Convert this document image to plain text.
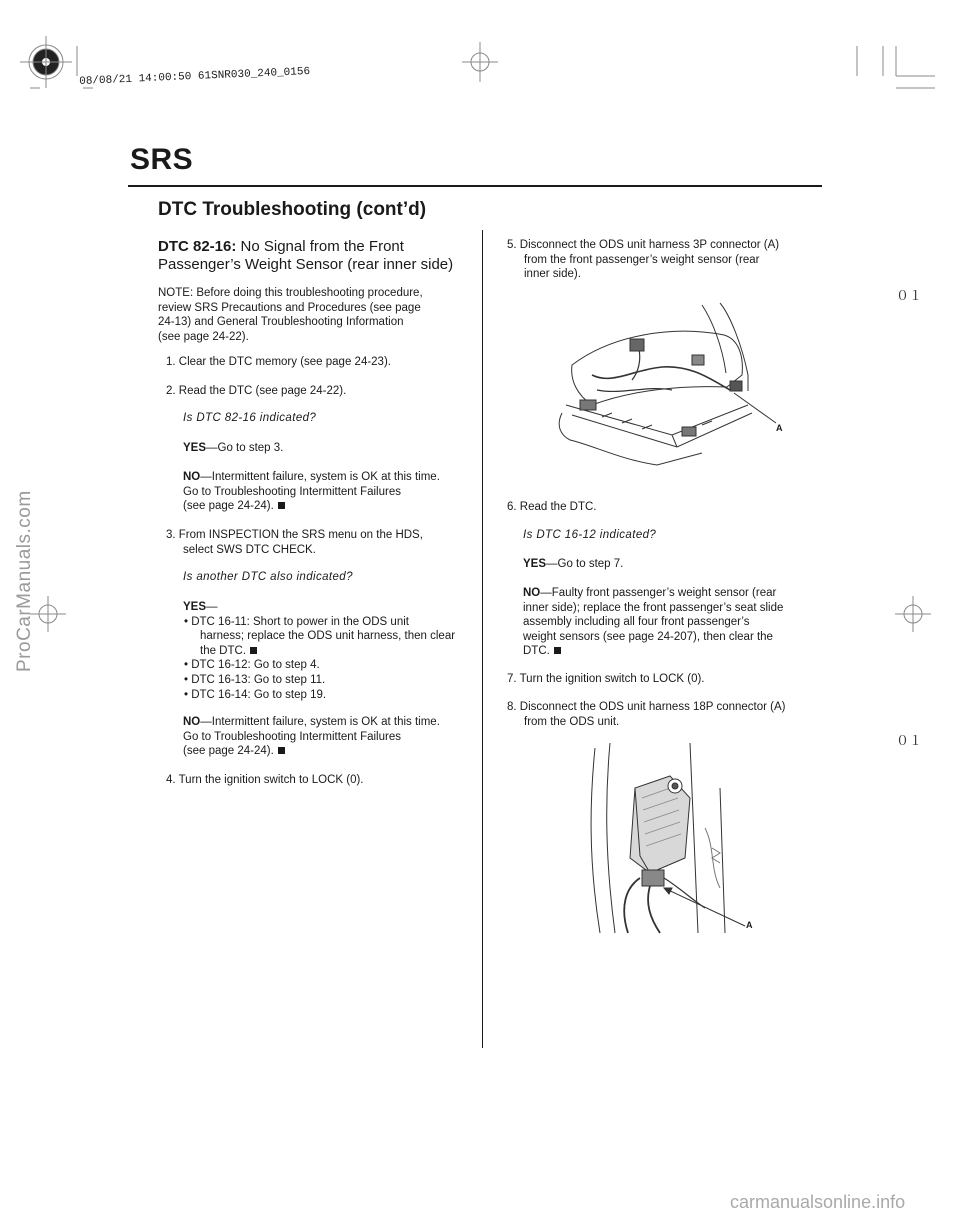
08/08/21 14:00:50 61SNR030_240_0156
SRS
DTC Troubleshooting (cont’d)
DTC 82-16: No Signal from the Front
Passenger’s Weight Sensor (rear inner side)
NOTE: Before doing this troubleshooting procedure,
review SRS Precautions and Procedures (see page
24-13) and General Troubleshooting Information
(see page 24-22).
1. Clear the DTC memory (see page 24-23).
2. Read the DTC (see page 24-22).
Is DTC 82-16 indicated?
YES—Go to step 3.
NO—Intermittent failure, system is OK at this time.
Go to Troubleshooting Intermittent Failures
(see page 24-24).
3. From INSPECTION the SRS menu on the HDS,
select SWS DTC CHECK.
Is another DTC also indicated?
YES—
• DTC 16-11: Short to power in the ODS unit
harness; replace the ODS unit harness, then clear
the DTC.
• DTC 16-12: Go to step 4.
• DTC 16-13: Go to step 11.
• DTC 16-14: Go to step 19.
NO—Intermittent failure, system is OK at this time.
Go to Troubleshooting Intermittent Failures
(see page 24-24).
4. Turn the ignition switch to LOCK (0).
5. Disconnect the ODS unit harness 3P connector (A)
from the front passenger’s weight sensor (rear
inner side).
A
6. Read the DTC.
Is DTC 16-12 indicated?
YES—Go to step 7.
NO—Faulty front passenger’s weight sensor (rear
inner side); replace the front passenger’s seat slide
assembly including all four front passenger’s
weight sensors (see page 24-207), then clear the
DTC.
7. Turn the ignition switch to LOCK (0).
8. Disconnect the ODS unit harness 18P connector (A)
from the ODS unit.
A
０１
０１
ProCarManuals.com
carmanualsonline.info
